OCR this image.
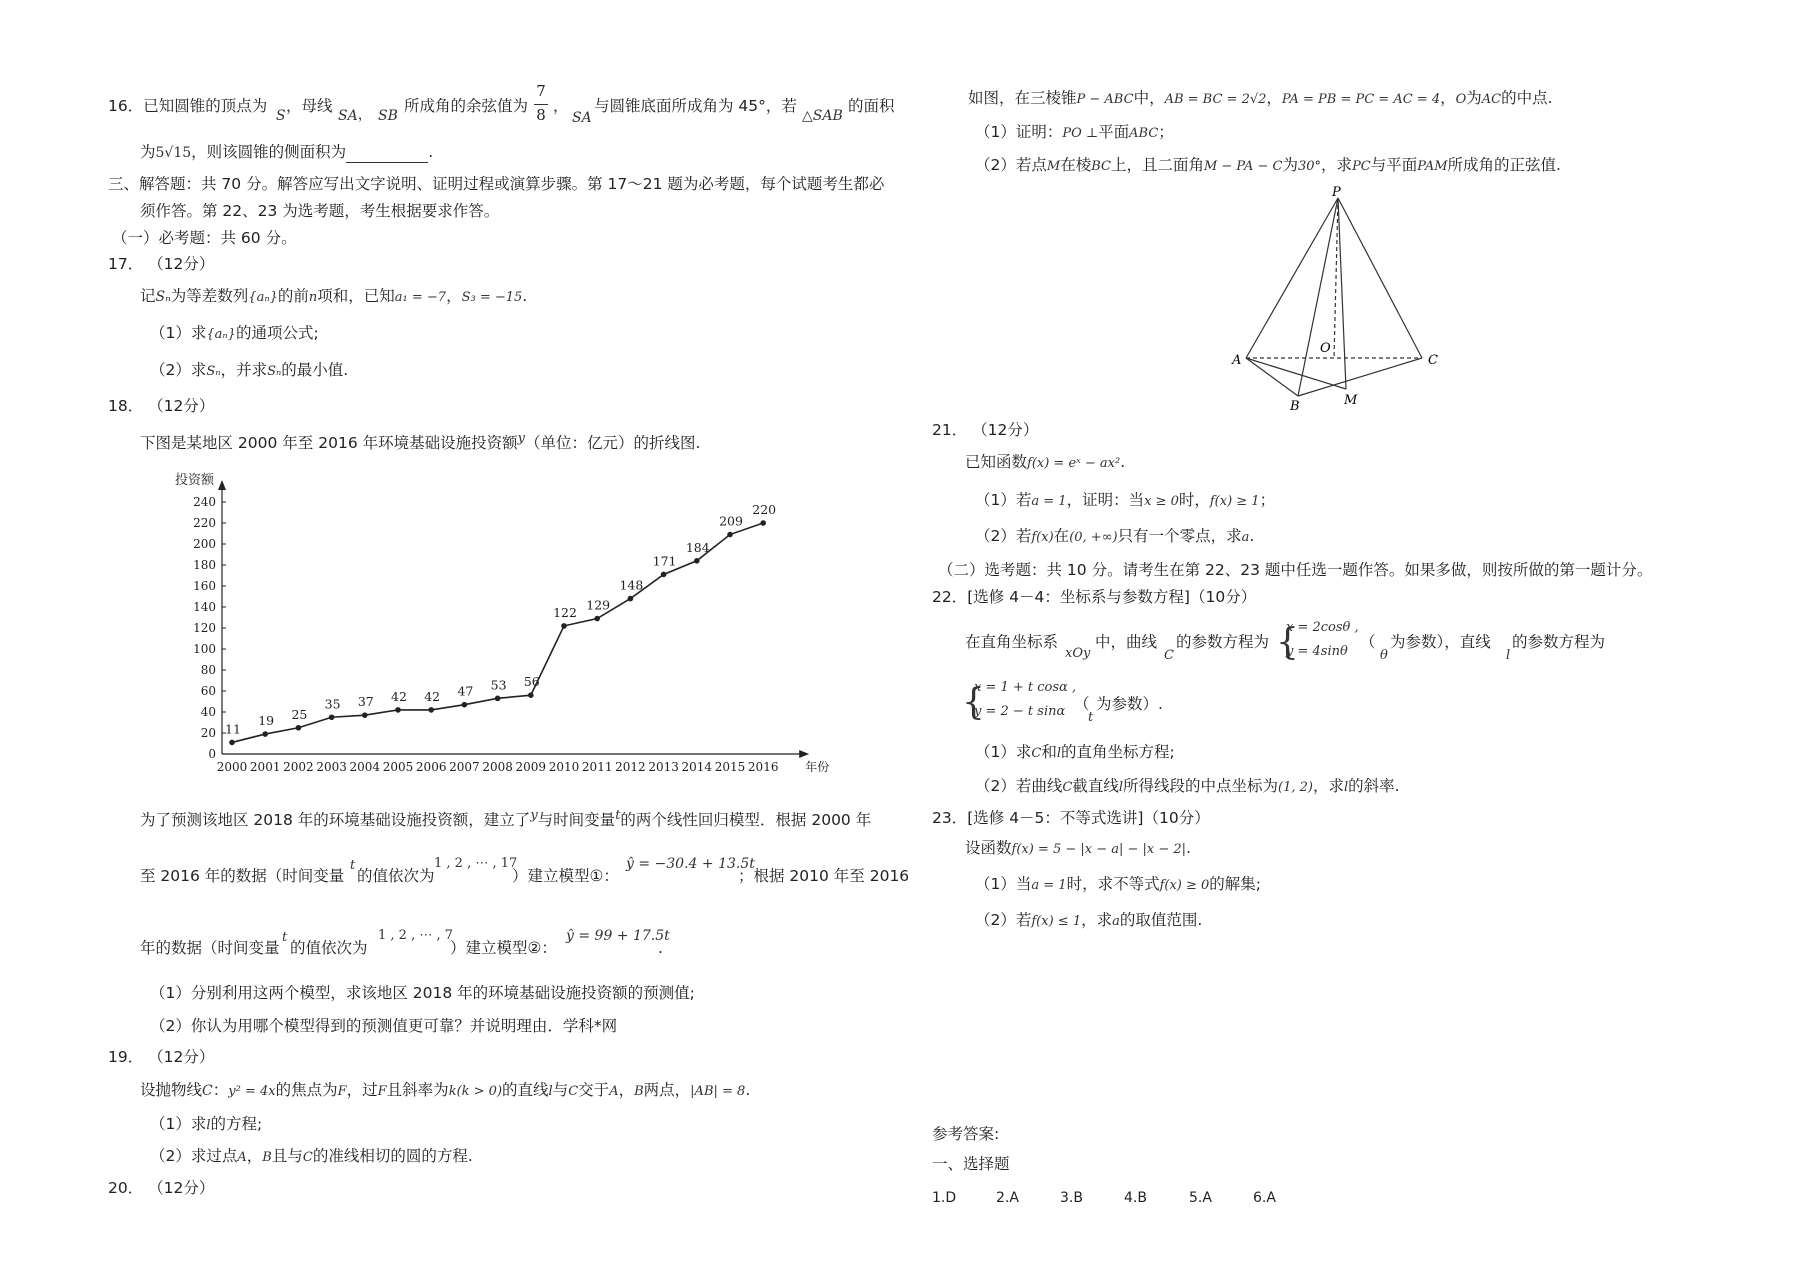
16．已知圆锥的顶点为
S
，母线
SA ， SB
所成角的余弦值为
7
8 ，
SA
与圆锥底面所成角为 45°，若
△SAB
的面积
为5√15，则该圆锥的侧面积为	.
三、解答题：共 70 分。解答应写出文字说明、证明过程或演算步骤。第 17～21 题为必考题，每个试题考生都必
须作答。第 22、23 为选考题，考生根据要求作答。
（一）必考题：共 60 分。
17． （12分）
记Sₙ为等差数列{aₙ}的前n项和，已知a₁ = −7，S₃ = −15.
（1）求{aₙ}的通项公式;
（2）求Sₙ，并求Sₙ的最小值.
18． （12分）
下图是某地区 2000 年至 2016 年环境基础设施投资额$^y$（单位：亿元）的折线图.
投资额
年份
0
20
40
60
80
100
120
140
160
180
200
220
240
2000 2001 2002 2003 2004 2005 2006 2007 2008 2009 2010 2011 2012 2013 2014 2015 2016
11
19 25
35 37 42 42 47 53 56
122 129
148
171
184
209
220
为了预测该地区 2018 年的环境基础设施投资额，建立了$^y$与时间变量$^t$的两个线性回归模型．根据 2000 年
至 2016 年的数据（时间变量
t
的值依次为
1 , 2 , ⋯ , 17
）建立模型①：
ŷ = −30.4 + 13.5t
；根据 2010 年至 2016
年的数据（时间变量
t
的值依次为
1 , 2 , ⋯ , 7
）建立模型②：
ŷ = 99 + 17.5t
.
（1）分别利用这两个模型，求该地区 2018 年的环境基础设施投资额的预测值;
（2）你认为用哪个模型得到的预测值更可靠？并说明理由．学科*网
19． （12分）
设抛物线C：y² = 4x的焦点为F，过F且斜率为k(k > 0)的直线l与C交于A，B两点，|AB| = 8.
（1）求l的方程;
（2）求过点A，B且与C的准线相切的圆的方程.
20． （12分）
如图，在三棱锥P − ABC中，AB = BC = 2√2，PA = PB = PC = AC = 4，O为AC的中点.
（1）证明：PO ⊥平面ABC；
（2）若点M在棱BC上，且二面角M − PA − C为30°，求PC与平面PAM所成角的正弦值.
P
A	C
B
O
M
21． （12分）
已知函数f(x) = eˣ − ax².
（1）若a = 1，证明：当x ≥ 0时，f(x) ≥ 1；
（2）若f(x)在(0, +∞)只有一个零点，求a.
（二）选考题：共 10 分。请考生在第 22、23 题中任选一题作答。如果多做，则按所做的第一题计分。
22．[选修 4－4：坐标系与参数方程]（10分）
在直角坐标系
xOy
中，曲线
C
的参数方程为 {
x = 2cosθ ,
y = 4sinθ
（
θ
为参数），直线
l
的参数方程为
{
x = 1 + t cosα ,
y = 2 − t sinα （
t
为参数）.
（1）求C和l的直角坐标方程;
（2）若曲线C截直线l所得线段的中点坐标为(1, 2)，求l的斜率.
23．[选修 4－5：不等式选讲]（10分）
设函数f(x) = 5 − |x − a| − |x − 2|.
（1）当a = 1时，求不等式f(x) ≥ 0的解集;
（2）若f(x) ≤ 1，求a的取值范围.
参考答案:
一、选择题
1.D	2.A	3.B	4.B	5.A	6.A
